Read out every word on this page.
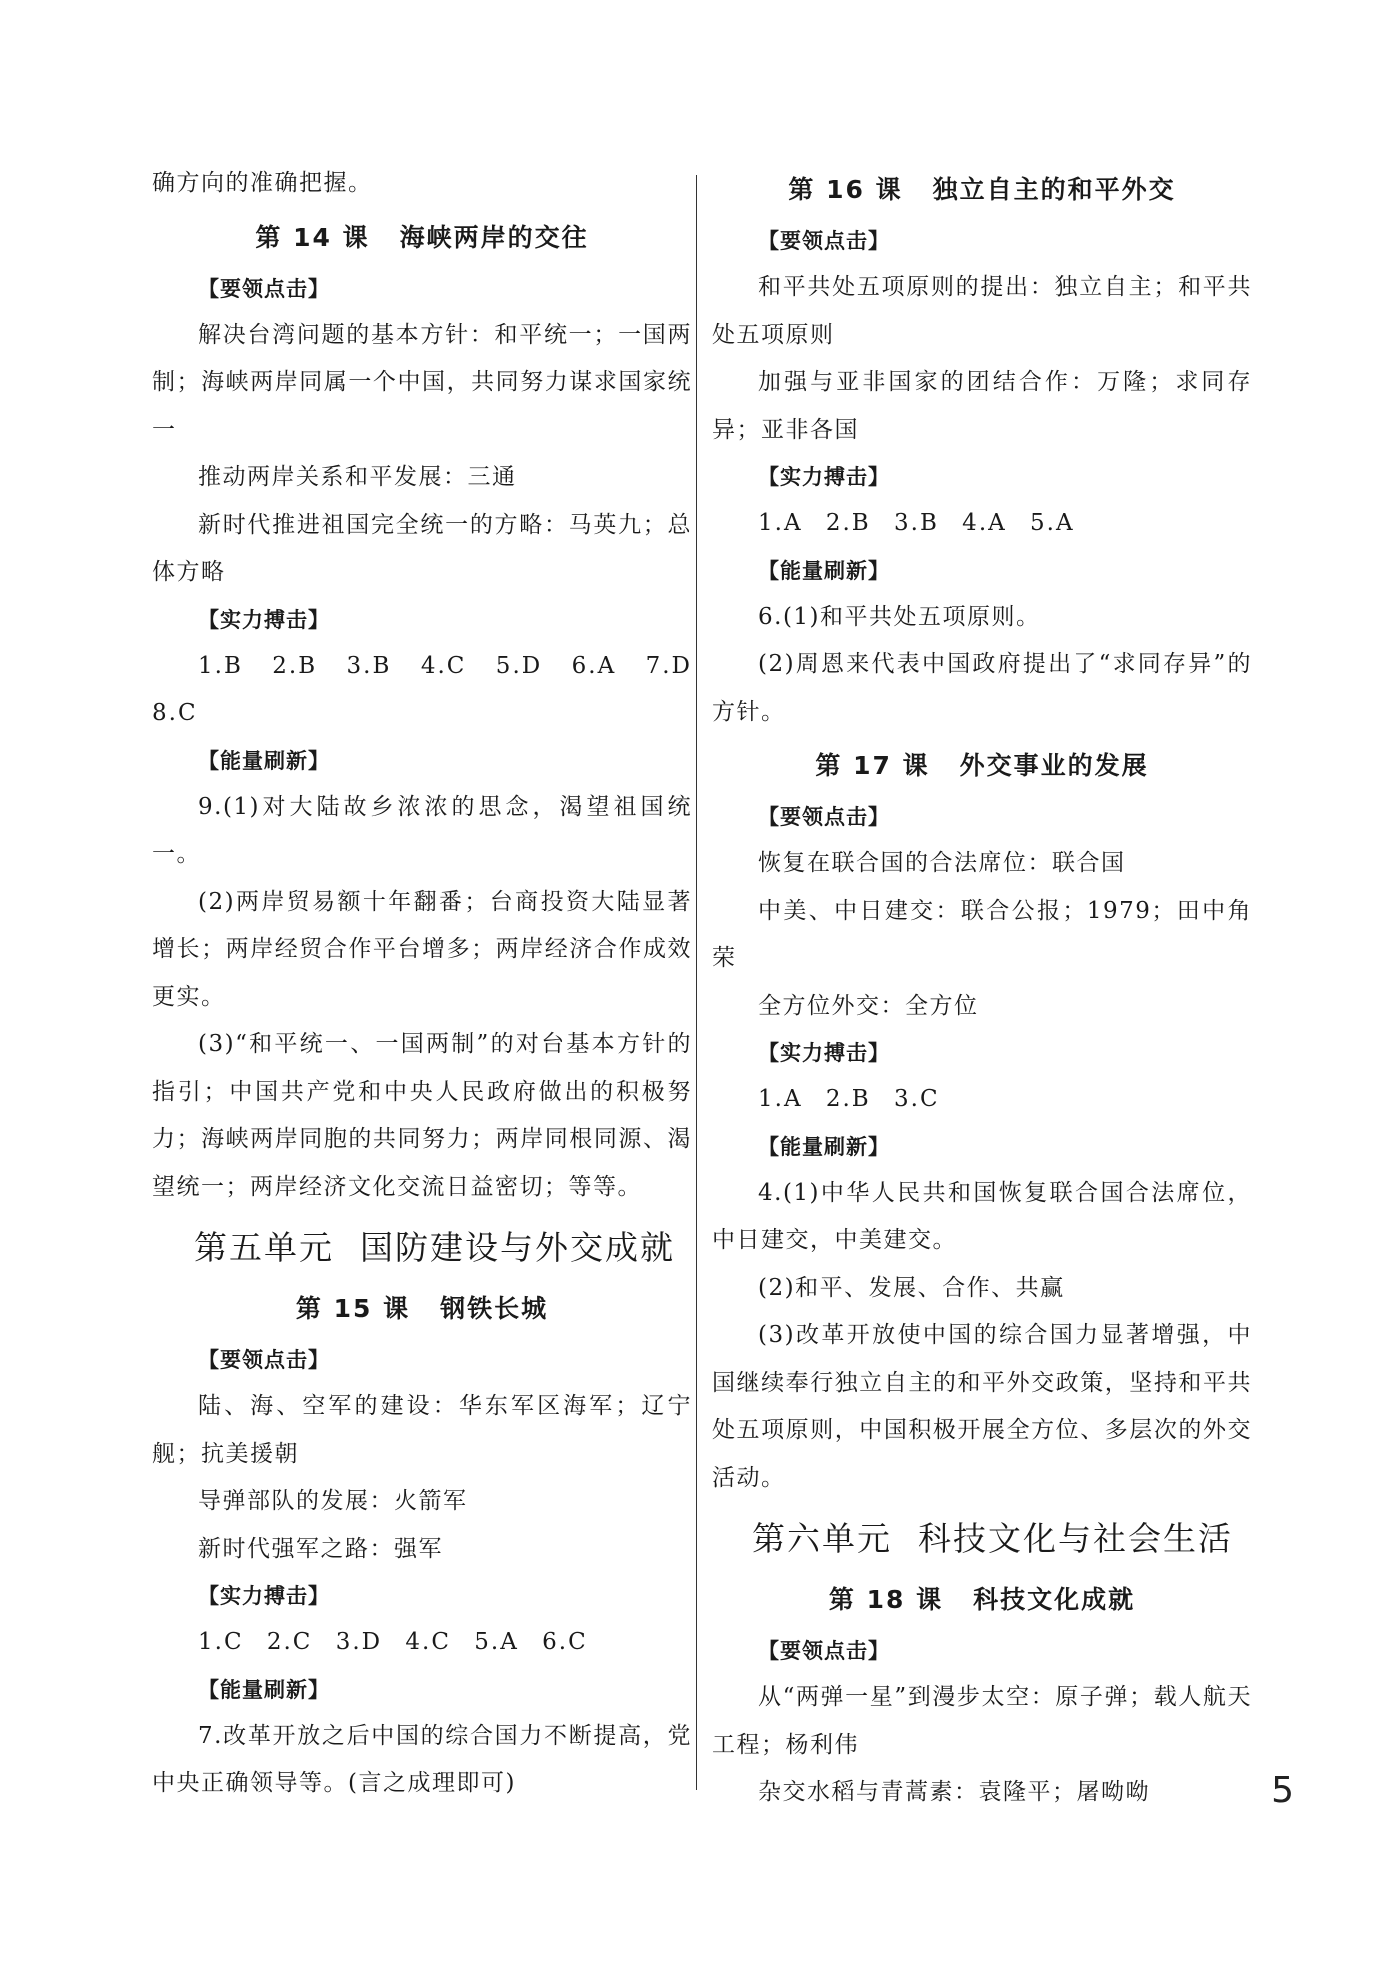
确方向的准确把握。

第 14 课 海峡两岸的交往
【要领点击】

解决台湾问题的基本方针：和平统一；一国两制；海峡两岸同属一个中国，共同努力谋求国家统一

推动两岸关系和平发展：三通

新时代推进祖国完全统一的方略：马英九；总体方略

【实力搏击】

1.B 2.B 3.B 4.C 5.D 6.A 7.D 8.C

【能量刷新】

9.(1)对大陆故乡浓浓的思念，渴望祖国统一。

(2)两岸贸易额十年翻番；台商投资大陆显著增长；两岸经贸合作平台增多；两岸经济合作成效更实。

(3)“和平统一、一国两制”的对台基本方针的指引；中国共产党和中央人民政府做出的积极努力；海峡两岸同胞的共同努力；两岸同根同源、渴望统一；两岸经济文化交流日益密切；等等。

第五单元 国防建设与外交成就
第 15 课 钢铁长城
【要领点击】

陆、海、空军的建设：华东军区海军；辽宁舰；抗美援朝

导弹部队的发展：火箭军

新时代强军之路：强军

【实力搏击】

1.C 2.C 3.D 4.C 5.A 6.C

【能量刷新】

7.改革开放之后中国的综合国力不断提高，党中央正确领导等。(言之成理即可)

第 16 课 独立自主的和平外交
【要领点击】

和平共处五项原则的提出：独立自主；和平共处五项原则

加强与亚非国家的团结合作：万隆；求同存异；亚非各国

【实力搏击】

1.A 2.B 3.B 4.A 5.A

【能量刷新】

6.(1)和平共处五项原则。

(2)周恩来代表中国政府提出了“求同存异”的方针。

第 17 课 外交事业的发展
【要领点击】

恢复在联合国的合法席位：联合国

中美、中日建交：联合公报；1979；田中角荣

全方位外交：全方位

【实力搏击】

1.A 2.B 3.C

【能量刷新】

4.(1)中华人民共和国恢复联合国合法席位，中日建交，中美建交。

(2)和平、发展、合作、共赢

(3)改革开放使中国的综合国力显著增强，中国继续奉行独立自主的和平外交政策，坚持和平共处五项原则，中国积极开展全方位、多层次的外交活动。

第六单元 科技文化与社会生活
第 18 课 科技文化成就
【要领点击】

从“两弹一星”到漫步太空：原子弹；载人航天工程；杨利伟

杂交水稻与青蒿素：袁隆平；屠呦呦	5
